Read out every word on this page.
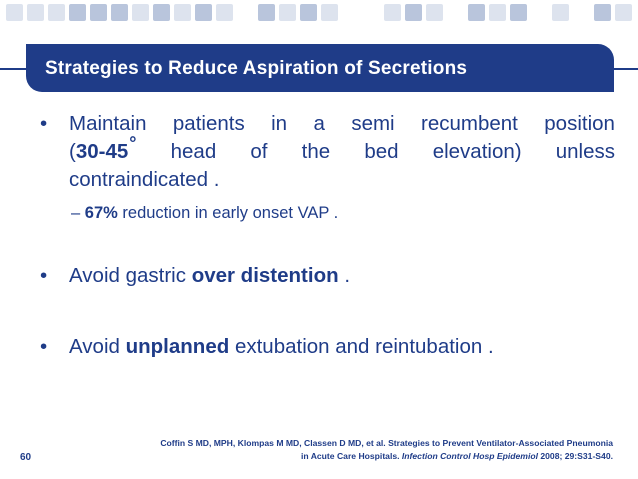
Strategies to Reduce Aspiration of Secretions
• Maintain patients in a semi recumbent position
(30-45° head of the bed elevation) unless
contraindicated .
– 67% reduction in early onset VAP .
• Avoid gastric over distention .
• Avoid unplanned extubation and reintubation .
60
Coffin S MD, MPH, Klompas M MD, Classen D MD, et al. Strategies to Prevent Ventilator-Associated Pneumonia
in Acute Care Hospitals. Infection Control Hosp Epidemiol 2008; 29:S31-S40.
